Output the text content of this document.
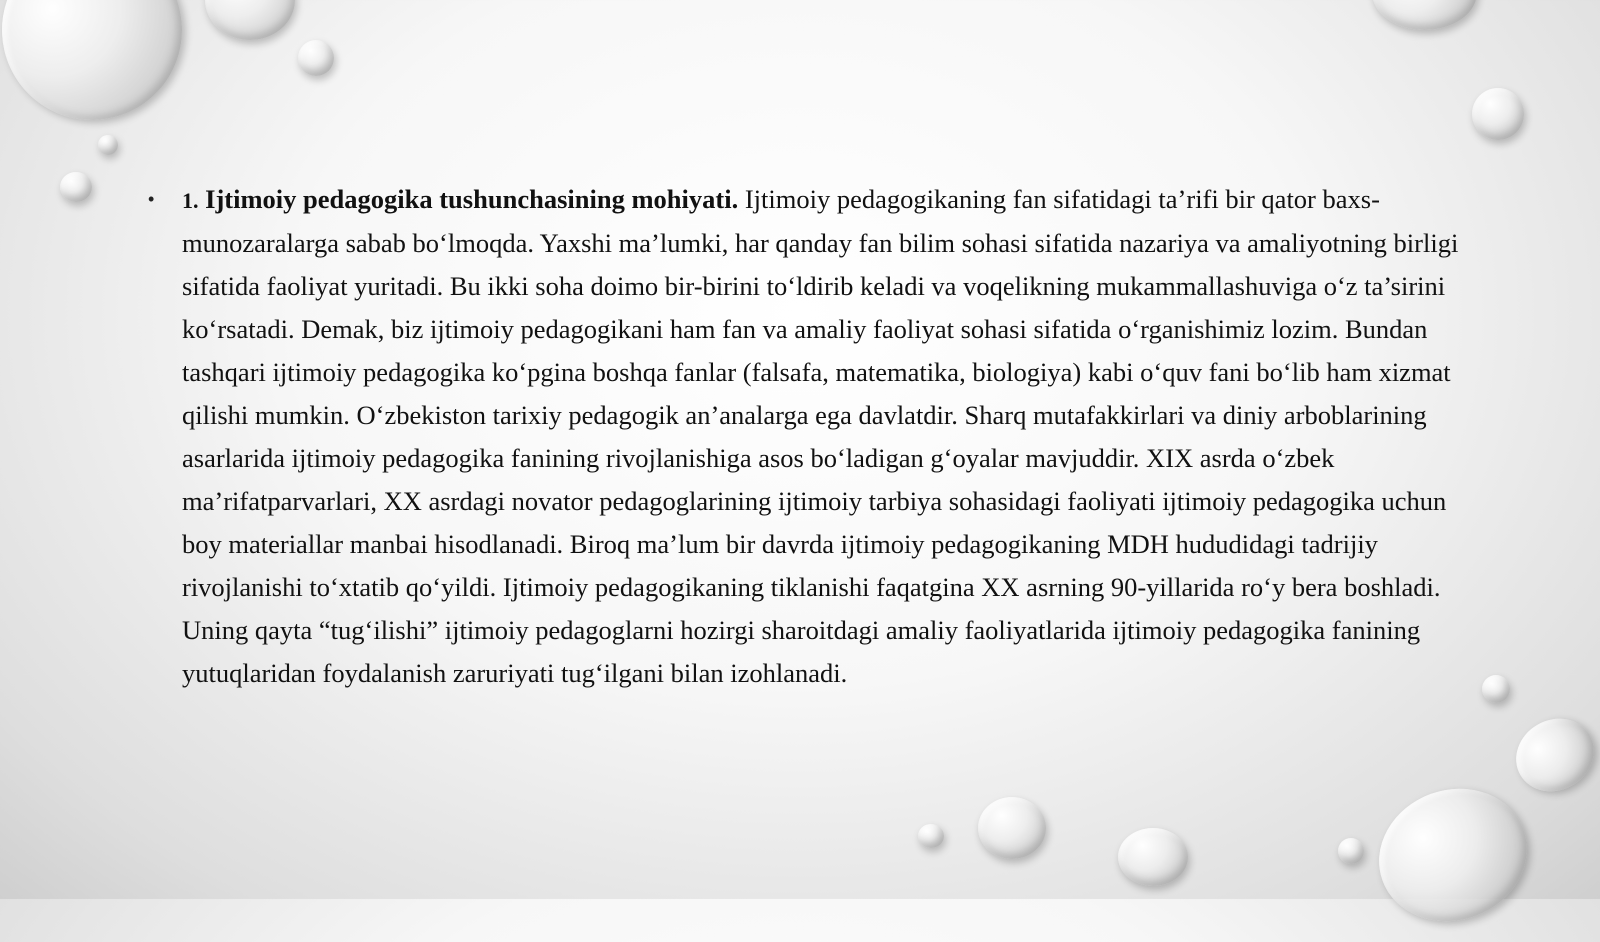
•	1. Ijtimoiy pedagogika tushunchasining mohiyati. Ijtimoiy pedagogikaning fan sifatidagi ta’rifi bir qator baxs-munozaralarga sabab bo‘lmoqda. Yaxshi ma’lumki, har qanday fan bilim sohasi sifatida nazariya va amaliyotning birligi sifatida faoliyat yuritadi. Bu ikki soha doimo bir-birini to‘ldirib keladi va voqelikning mukammallashuviga o‘z ta’sirini ko‘rsatadi. Demak, biz ijtimoiy pedagogikani ham fan va amaliy faoliyat sohasi sifatida o‘rganishimiz lozim. Bundan tashqari ijtimoiy pedagogika ko‘pgina boshqa fanlar (falsafa, matematika, biologiya) kabi o‘quv fani bo‘lib ham xizmat qilishi mumkin. O‘zbekiston tarixiy pedagogik an’analarga ega davlatdir. Sharq mutafakkirlari va diniy arboblarining asarlarida ijtimoiy pedagogika fanining rivojlanishiga asos bo‘ladigan g‘oyalar mavjuddir. XIX asrda o‘zbek ma’rifatparvarlari, XX asrdagi novator pedagoglarining ijtimoiy tarbiya sohasidagi faoliyati ijtimoiy pedagogika uchun boy materiallar manbai hisodlanadi. Biroq ma’lum bir davrda ijtimoiy pedagogikaning MDH hududidagi tadrijiy rivojlanishi to‘xtatib qo‘yildi. Ijtimoiy pedagogikaning tiklanishi faqatgina XX asrning 90-yillarida ro‘y bera boshladi. Uning qayta “tug‘ilishi” ijtimoiy pedagoglarni hozirgi sharoitdagi amaliy faoliyatlarida ijtimoiy pedagogika fanining yutuqlaridan foydalanish zaruriyati tug‘ilgani bilan izohlanadi.
